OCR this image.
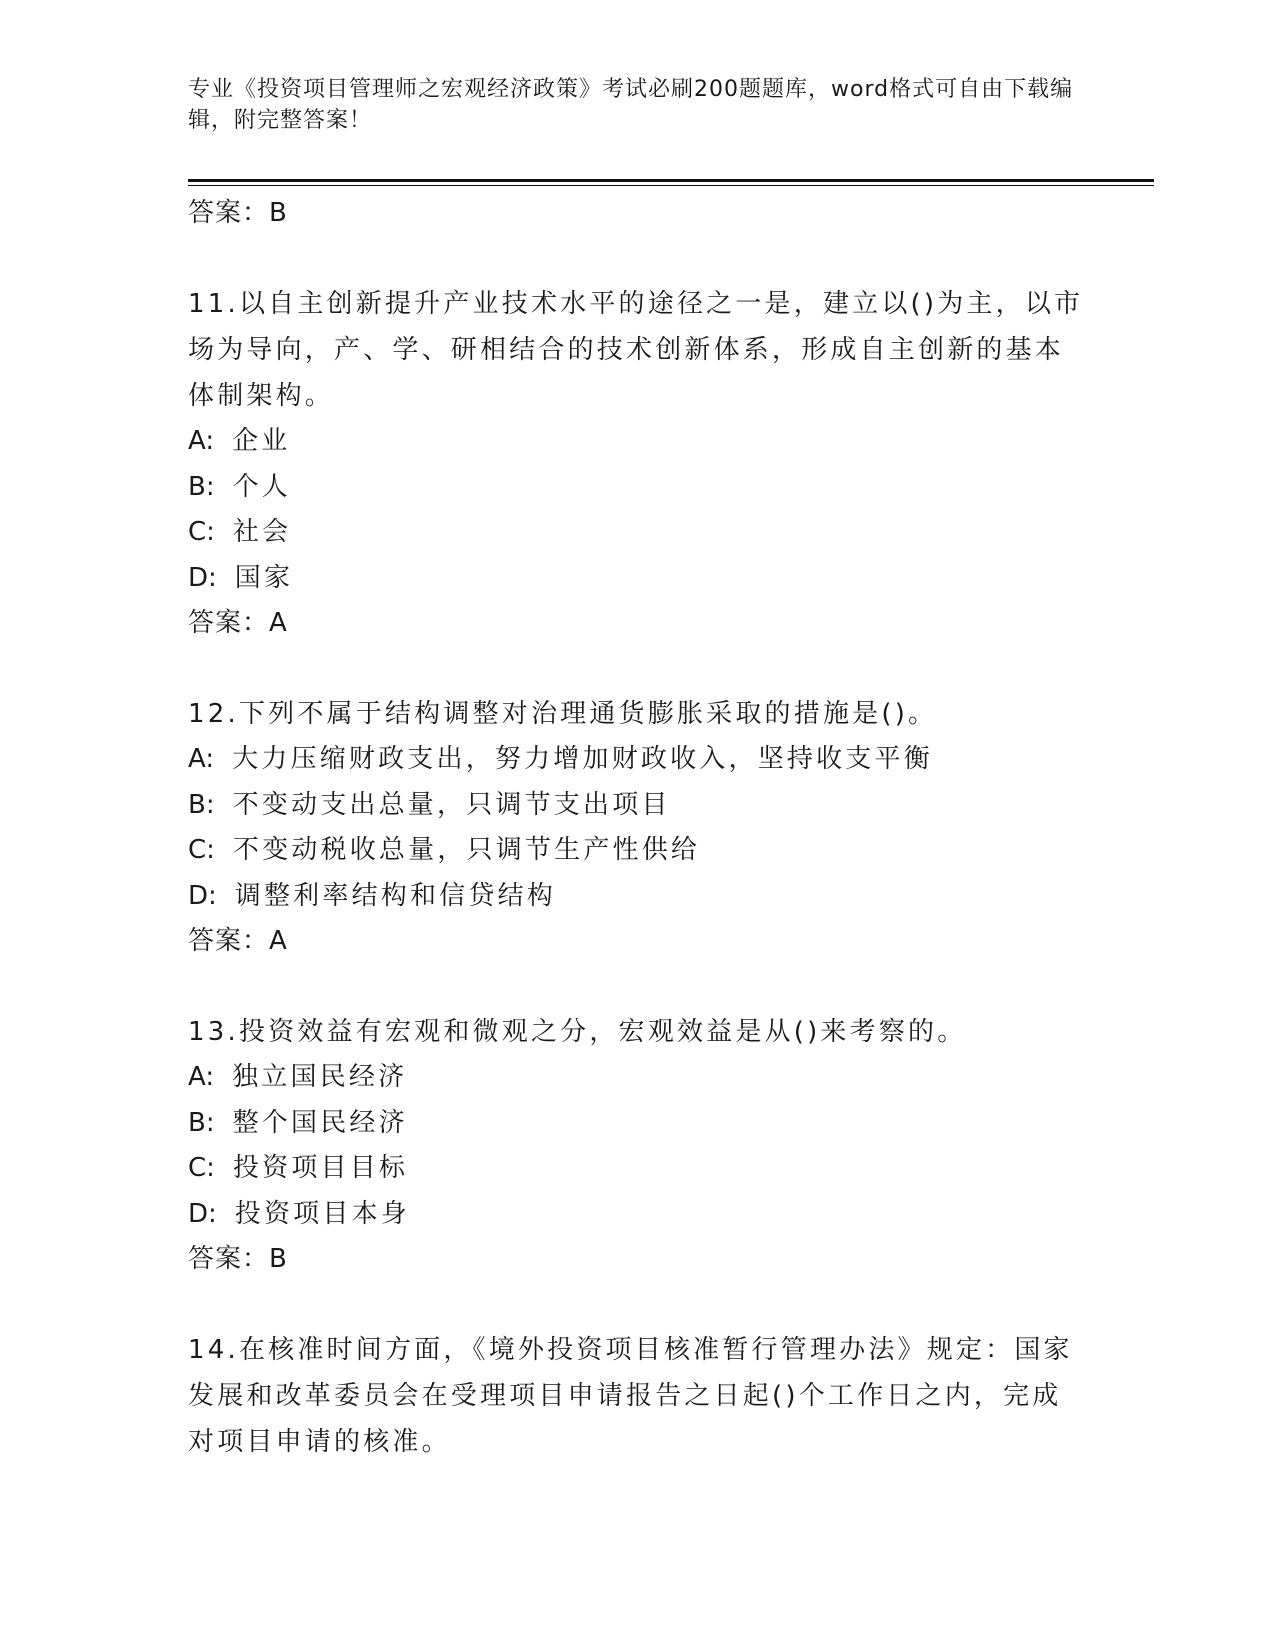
专业《投资项目管理师之宏观经济政策》考试必刷200题题库，word格式可自由下载编辑，附完整答案！
答案：B
11.以自主创新提升产业技术水平的途径之一是，建立以()为主，以市场为导向，产、学、研相结合的技术创新体系，形成自主创新的基本体制架构。
A: 企业
B: 个人
C: 社会
D: 国家
答案：A
12.下列不属于结构调整对治理通货膨胀采取的措施是()。
A: 大力压缩财政支出，努力增加财政收入，坚持收支平衡
B: 不变动支出总量，只调节支出项目
C: 不变动税收总量，只调节生产性供给
D: 调整利率结构和信贷结构
答案：A
13.投资效益有宏观和微观之分，宏观效益是从()来考察的。
A: 独立国民经济
B: 整个国民经济
C: 投资项目目标
D: 投资项目本身
答案：B
14.在核准时间方面，《境外投资项目核准暂行管理办法》规定：国家发展和改革委员会在受理项目申请报告之日起()个工作日之内，完成对项目申请的核准。
